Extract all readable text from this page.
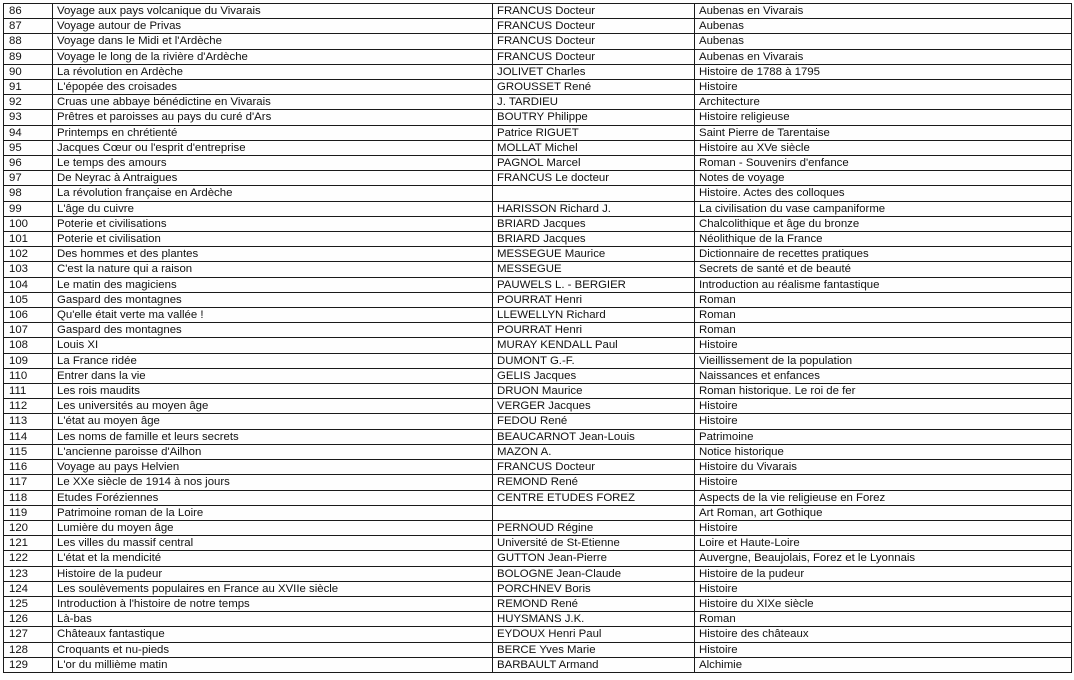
86	Voyage aux pays volcanique du Vivarais	FRANCUS Docteur	Aubenas en Vivarais
87	Voyage autour de Privas	FRANCUS Docteur	Aubenas
88	Voyage dans le Midi et l'Ardèche	FRANCUS Docteur	Aubenas
89	Voyage le long de la rivière d'Ardèche	FRANCUS Docteur	Aubenas en Vivarais
90	La révolution en Ardèche	JOLIVET Charles	Histoire de 1788 à 1795
91	L'épopée des croisades	GROUSSET René	Histoire
92	Cruas une abbaye bénédictine en Vivarais	J. TARDIEU	Architecture
93	Prêtres et paroisses au pays du curé d'Ars	BOUTRY Philippe	Histoire religieuse
94	Printemps en chrétienté	Patrice RIGUET	Saint Pierre de Tarentaise
95	Jacques Cœur ou l'esprit d'entreprise	MOLLAT Michel	Histoire au XVe siècle
96	Le temps des amours	PAGNOL Marcel	Roman - Souvenirs d'enfance
97	De Neyrac à Antraigues	FRANCUS Le docteur	Notes de voyage
98	La révolution française en Ardèche		Histoire. Actes des colloques
99	L'âge du cuivre	HARISSON Richard J.	La civilisation du vase campaniforme
100	Poterie et civilisations	BRIARD Jacques	Chalcolithique et âge du bronze
101	Poterie et civilisation	BRIARD Jacques	Néolithique de la France
102	Des hommes et des plantes	MESSEGUE Maurice	Dictionnaire de recettes pratiques
103	C'est la nature qui a raison	MESSEGUE	Secrets de santé et de beauté
104	Le matin des magiciens	PAUWELS L. - BERGIER	Introduction au réalisme fantastique
105	Gaspard des montagnes	POURRAT Henri	Roman
106	Qu'elle était verte ma vallée !	LLEWELLYN Richard	Roman
107	Gaspard des montagnes	POURRAT Henri	Roman
108	Louis XI	MURAY KENDALL Paul	Histoire
109	La France ridée	DUMONT G.-F.	Vieillissement de la population
110	Entrer dans la vie	GELIS Jacques	Naissances et enfances
111	Les rois maudits	DRUON Maurice	Roman historique. Le roi de fer
112	Les universités au moyen âge	VERGER Jacques	Histoire
113	L'état au moyen âge	FEDOU René	Histoire
114	Les noms de famille et leurs secrets	BEAUCARNOT Jean-Louis	Patrimoine
115	L'ancienne paroisse d'Ailhon	MAZON A.	Notice historique
116	Voyage au pays Helvien	FRANCUS Docteur	Histoire du Vivarais
117	Le XXe siècle de 1914 à nos jours	REMOND René	Histoire
118	Etudes Foréziennes	CENTRE ETUDES FOREZ	Aspects de la vie religieuse en Forez
119	Patrimoine roman de la Loire		Art Roman, art Gothique
120	Lumière du moyen âge	PERNOUD Régine	Histoire
121	Les villes du massif central	Université de St-Etienne	Loire et Haute-Loire
122	L'état et la mendicité	GUTTON Jean-Pierre	Auvergne, Beaujolais, Forez et le Lyonnais
123	Histoire de la pudeur	BOLOGNE Jean-Claude	Histoire de la pudeur
124	Les soulèvements populaires en France au XVIIe siècle	PORCHNEV Boris	Histoire
125	Introduction à l'histoire de notre temps	REMOND René	Histoire du XIXe siècle
126	Là-bas	HUYSMANS J.K.	Roman
127	Châteaux fantastique	EYDOUX Henri Paul	Histoire des châteaux
128	Croquants et nu-pieds	BERCE Yves Marie	Histoire
129	L'or du millième matin	BARBAULT Armand	Alchimie
